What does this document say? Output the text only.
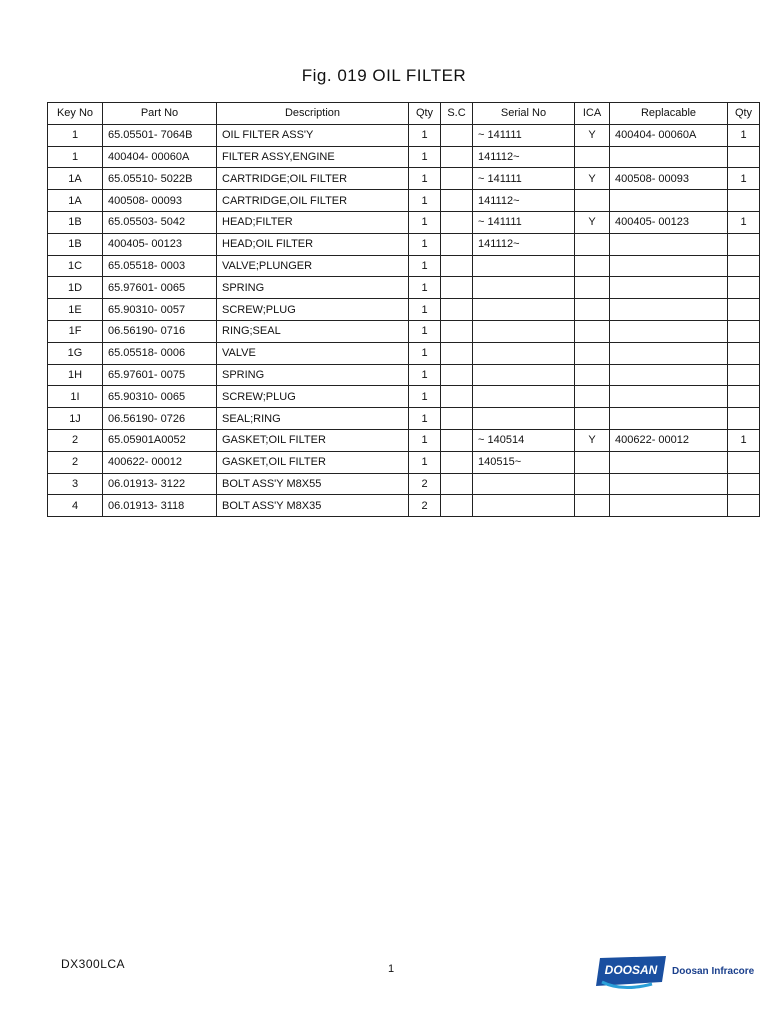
Fig. 019 OIL FILTER
Key No	Part No	Description	Qty	S.C	Serial No	ICA	Replacable	Qty
1	65.05501- 7064B	OIL FILTER ASS'Y	1		~ 141111	Y	400404- 00060A	1
1	400404- 00060A	FILTER ASSY,ENGINE	1		141112~			
1A	65.05510- 5022B	CARTRIDGE;OIL FILTER	1		~ 141111	Y	400508- 00093	1
1A	400508- 00093	CARTRIDGE,OIL FILTER	1		141112~			
1B	65.05503- 5042	HEAD;FILTER	1		~ 141111	Y	400405- 00123	1
1B	400405- 00123	HEAD;OIL FILTER	1		141112~			
1C	65.05518- 0003	VALVE;PLUNGER	1					
1D	65.97601- 0065	SPRING	1					
1E	65.90310- 0057	SCREW;PLUG	1					
1F	06.56190- 0716	RING;SEAL	1					
1G	65.05518- 0006	VALVE	1					
1H	65.97601- 0075	SPRING	1					
1I	65.90310- 0065	SCREW;PLUG	1					
1J	06.56190- 0726	SEAL;RING	1					
2	65.05901A0052	GASKET;OIL FILTER	1		~ 140514	Y	400622- 00012	1
2	400622- 00012	GASKET,OIL FILTER	1		140515~			
3	06.01913- 3122	BOLT ASS'Y M8X55	2					
4	06.01913- 3118	BOLT ASS'Y M8X35	2					
DX300LCA	1	DOOSAN Doosan Infracore
